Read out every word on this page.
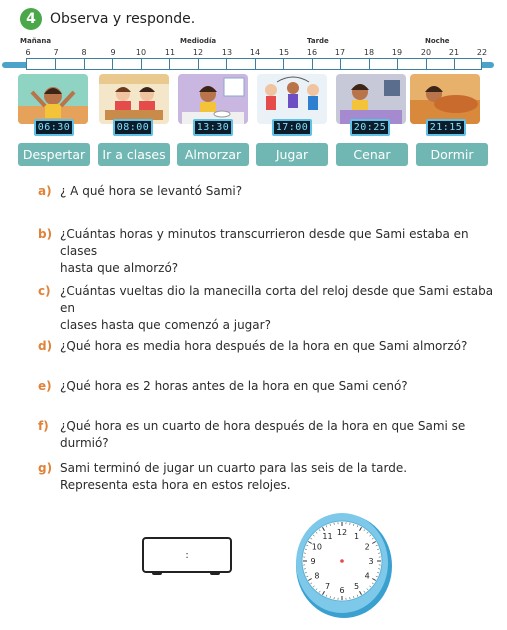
4	Observa y responde.
Mañana	Mediodía	Tarde	Noche
6	7	8	9	10	11	12	13	14	15	16	17	18	19	20	21	22
06:30	08:00	13:30	17:00	20:25	21:15
Despertar	Ir a clases	Almorzar	Jugar	Cenar	Dormir
a) ¿ A qué hora se levantó Sami?
b) ¿Cuántas horas y minutos transcurrieron desde que Sami estaba en clases
hasta que almorzó?
c) ¿Cuántas vueltas dio la manecilla corta del reloj desde que Sami estaba en
clases hasta que comenzó a jugar?
d) ¿Qué hora es media hora después de la hora en que Sami almorzó?
e) ¿Qué hora es 2 horas antes de la hora en que Sami cenó?
f) ¿Qué hora es un cuarto de hora después de la hora en que Sami se durmió?
g) Sami terminó de jugar un cuarto para las seis de la tarde.
Representa esta hora en estos relojes.
:
12 1
2
3
4
5
6
7
8
9
10
11
